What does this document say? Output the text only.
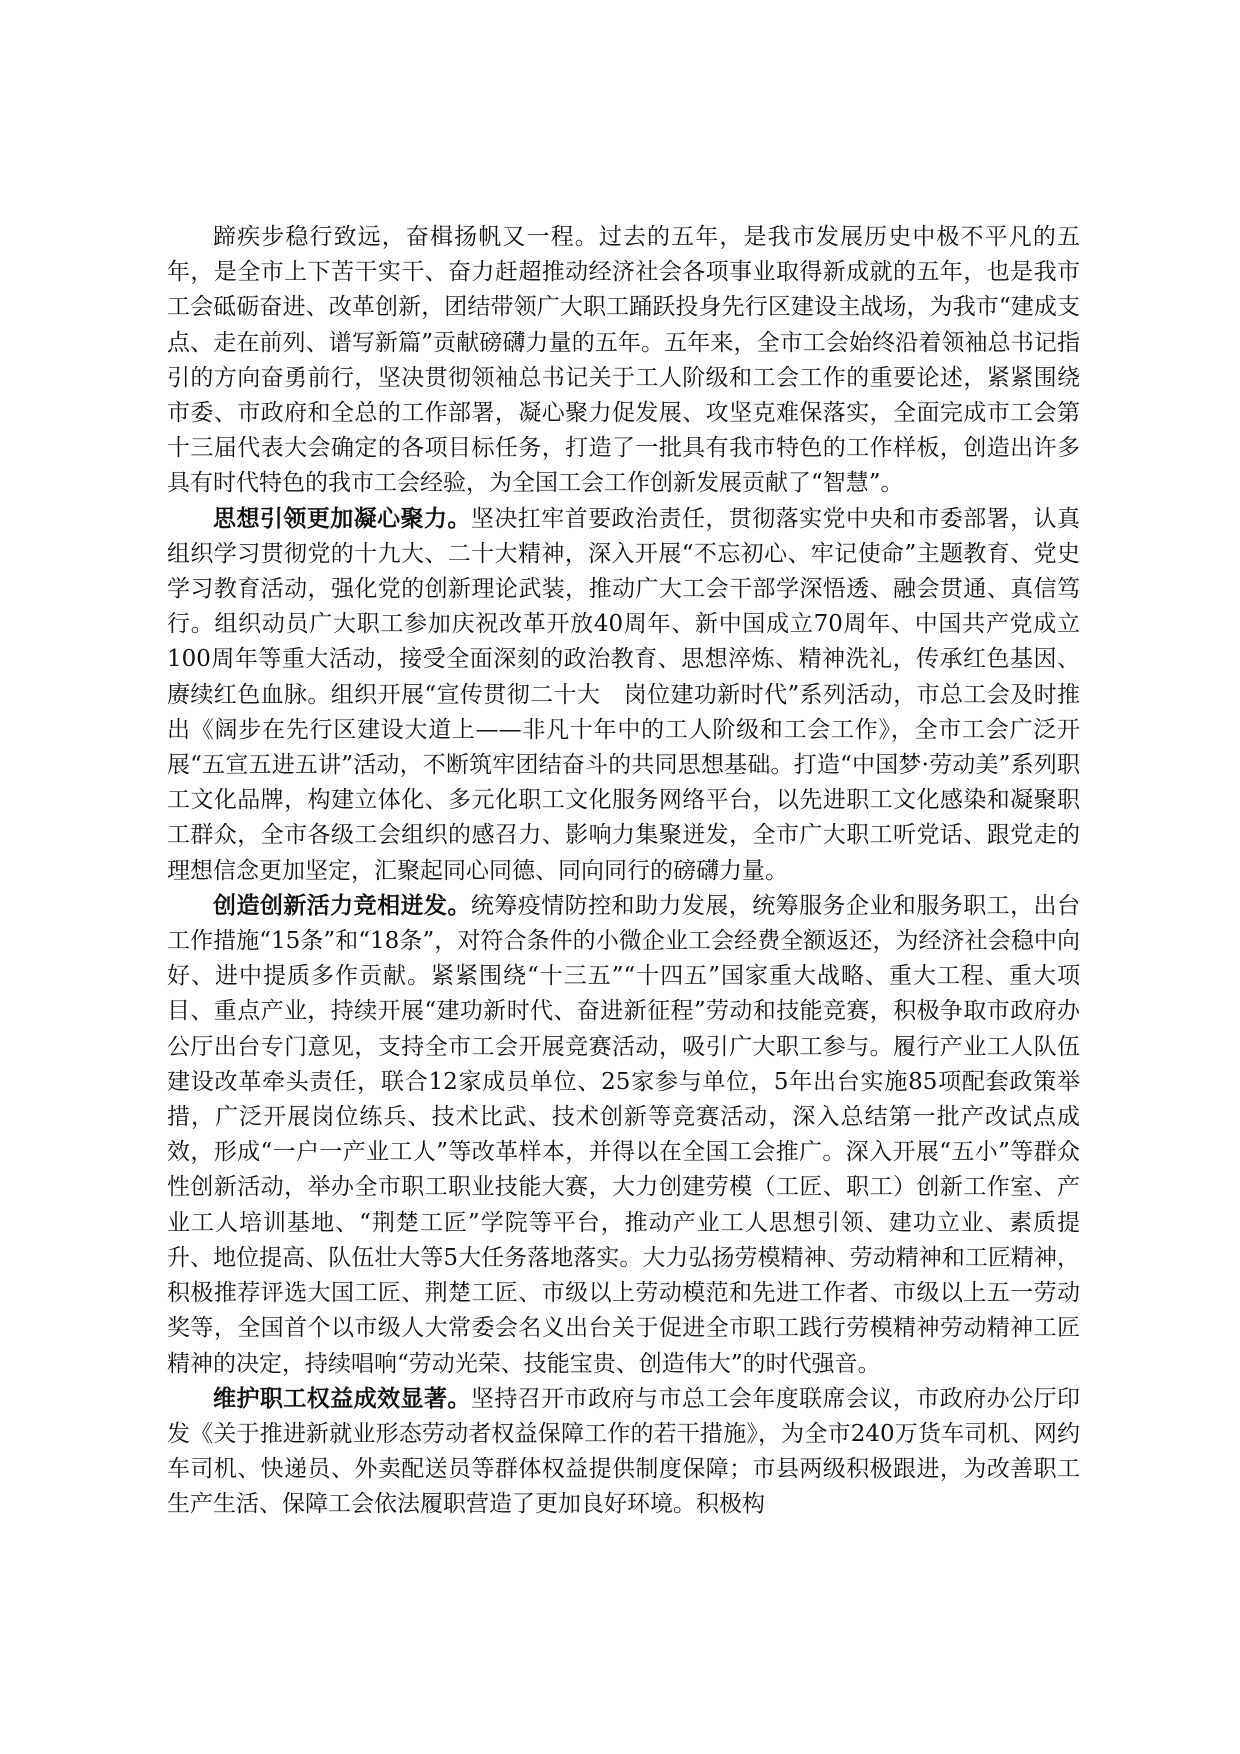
蹄疾步稳行致远，奋楫扬帆又一程。过去的五年，是我市发展历史中极不平凡的五年，是全市上下苦干实干、奋力赶超推动经济社会各项事业取得新成就的五年，也是我市工会砥砺奋进、改革创新，团结带领广大职工踊跃投身先行区建设主战场，为我市“建成支点、走在前列、谱写新篇”贡献磅礴力量的五年。五年来，全市工会始终沿着领袖总书记指引的方向奋勇前行，坚决贯彻领袖总书记关于工人阶级和工会工作的重要论述，紧紧围绕市委、市政府和全总的工作部署，凝心聚力促发展、攻坚克难保落实，全面完成市工会第十三届代表大会确定的各项目标任务，打造了一批具有我市特色的工作样板，创造出许多具有时代特色的我市工会经验，为全国工会工作创新发展贡献了“智慧”。

思想引领更加凝心聚力。坚决扛牢首要政治责任，贯彻落实党中央和市委部署，认真组织学习贯彻党的十九大、二十大精神，深入开展“不忘初心、牢记使命”主题教育、党史学习教育活动，强化党的创新理论武装，推动广大工会干部学深悟透、融会贯通、真信笃行。组织动员广大职工参加庆祝改革开放40周年、新中国成立70周年、中国共产党成立100周年等重大活动，接受全面深刻的政治教育、思想淬炼、精神洗礼，传承红色基因、赓续红色血脉。组织开展“宣传贯彻二十大　岗位建功新时代”系列活动，市总工会及时推出《阔步在先行区建设大道上——非凡十年中的工人阶级和工会工作》，全市工会广泛开展“五宣五进五讲”活动，不断筑牢团结奋斗的共同思想基础。打造“中国梦·劳动美”系列职工文化品牌，构建立体化、多元化职工文化服务网络平台，以先进职工文化感染和凝聚职工群众，全市各级工会组织的感召力、影响力集聚迸发，全市广大职工听党话、跟党走的理想信念更加坚定，汇聚起同心同德、同向同行的磅礴力量。

创造创新活力竞相迸发。统筹疫情防控和助力发展，统筹服务企业和服务职工，出台工作措施“15条”和“18条”，对符合条件的小微企业工会经费全额返还，为经济社会稳中向好、进中提质多作贡献。紧紧围绕“十三五”“十四五”国家重大战略、重大工程、重大项目、重点产业，持续开展“建功新时代、奋进新征程”劳动和技能竞赛，积极争取市政府办公厅出台专门意见，支持全市工会开展竞赛活动，吸引广大职工参与。履行产业工人队伍建设改革牵头责任，联合12家成员单位、25家参与单位，5年出台实施85项配套政策举措，广泛开展岗位练兵、技术比武、技术创新等竞赛活动，深入总结第一批产改试点成效，形成“一户一产业工人”等改革样本，并得以在全国工会推广。深入开展“五小”等群众性创新活动，举办全市职工职业技能大赛，大力创建劳模（工匠、职工）创新工作室、产业工人培训基地、“荆楚工匠”学院等平台，推动产业工人思想引领、建功立业、素质提升、地位提高、队伍壮大等5大任务落地落实。大力弘扬劳模精神、劳动精神和工匠精神，积极推荐评选大国工匠、荆楚工匠、市级以上劳动模范和先进工作者、市级以上五一劳动奖等，全国首个以市级人大常委会名义出台关于促进全市职工践行劳模精神劳动精神工匠精神的决定，持续唱响“劳动光荣、技能宝贵、创造伟大”的时代强音。

维护职工权益成效显著。坚持召开市政府与市总工会年度联席会议，市政府办公厅印发《关于推进新就业形态劳动者权益保障工作的若干措施》，为全市240万货车司机、网约车司机、快递员、外卖配送员等群体权益提供制度保障；市县两级积极跟进，为改善职工生产生活、保障工会依法履职营造了更加良好环境。积极构
